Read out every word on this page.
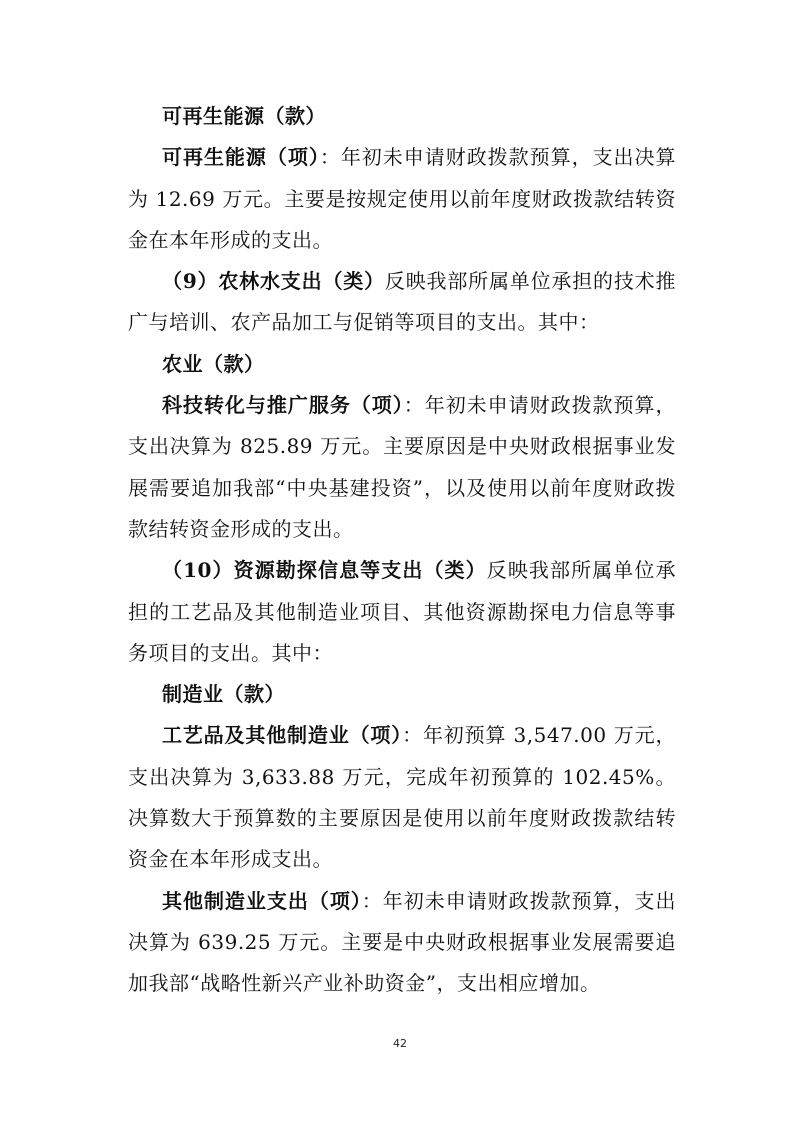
可再生能源（款）

可再生能源（项）：年初未申请财政拨款预算，支出决算为 12.69 万元。主要是按规定使用以前年度财政拨款结转资金在本年形成的支出。

（9）农林水支出（类）反映我部所属单位承担的技术推广与培训、农产品加工与促销等项目的支出。其中：

农业（款）

科技转化与推广服务（项）：年初未申请财政拨款预算，支出决算为 825.89 万元。主要原因是中央财政根据事业发展需要追加我部“中央基建投资”，以及使用以前年度财政拨款结转资金形成的支出。

（10）资源勘探信息等支出（类）反映我部所属单位承担的工艺品及其他制造业项目、其他资源勘探电力信息等事务项目的支出。其中：

制造业（款）

工艺品及其他制造业（项）：年初预算 3,547.00 万元，支出决算为 3,633.88 万元，完成年初预算的 102.45%。决算数大于预算数的主要原因是使用以前年度财政拨款结转资金在本年形成支出。

其他制造业支出（项）：年初未申请财政拨款预算，支出决算为 639.25 万元。主要是中央财政根据事业发展需要追加我部“战略性新兴产业补助资金”，支出相应增加。

42
